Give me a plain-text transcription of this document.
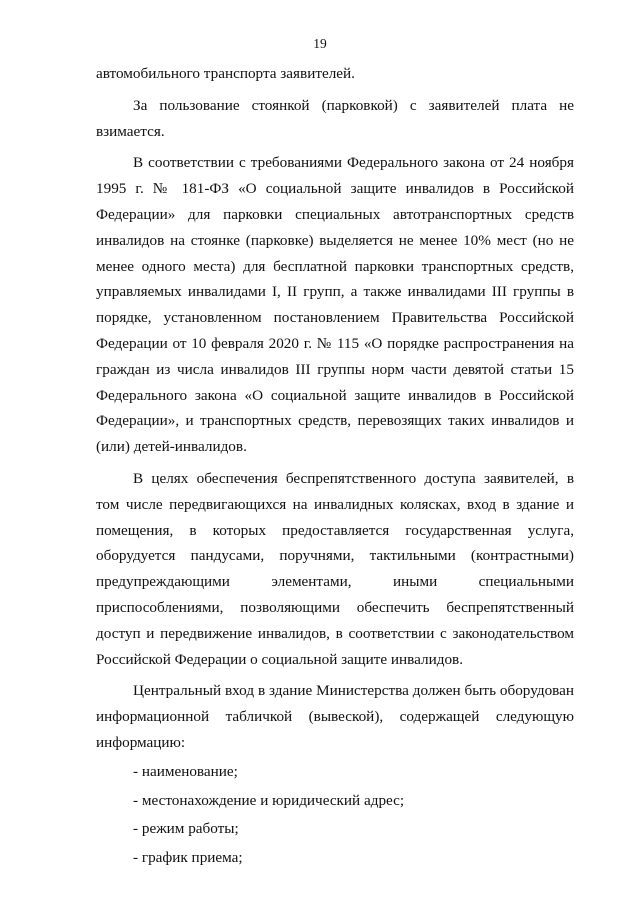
19

автомобильного транспорта заявителей.

За пользование стоянкой (парковкой) с заявителей плата не взимается.

В соответствии с требованиями Федерального закона от 24 ноября 1995 г. № 181-ФЗ «О социальной защите инвалидов в Российской Федерации» для парковки специальных автотранспортных средств инвалидов на стоянке (парковке) выделяется не менее 10% мест (но не менее одного места) для бесплатной парковки транспортных средств, управляемых инвалидами I, II групп, а также инвалидами III группы в порядке, установленном постановлением Правительства Российской Федерации от 10 февраля 2020 г. № 115 «О порядке распространения на граждан из числа инвалидов III группы норм части девятой статьи 15 Федерального закона «О социальной защите инвалидов в Российской Федерации», и транспортных средств, перевозящих таких инвалидов и (или) детей-инвалидов.

В целях обеспечения беспрепятственного доступа заявителей, в том числе передвигающихся на инвалидных колясках, вход в здание и помещения, в которых предоставляется государственная услуга, оборудуется пандусами, поручнями, тактильными (контрастными) предупреждающими элементами, иными специальными приспособлениями, позволяющими обеспечить беспрепятственный доступ и передвижение инвалидов, в соответствии с законодательством Российской Федерации о социальной защите инвалидов.

Центральный вход в здание Министерства должен быть оборудован информационной табличкой (вывеской), содержащей следующую информацию:

- наименование;

- местонахождение и юридический адрес;

- режим работы;

- график приема;
